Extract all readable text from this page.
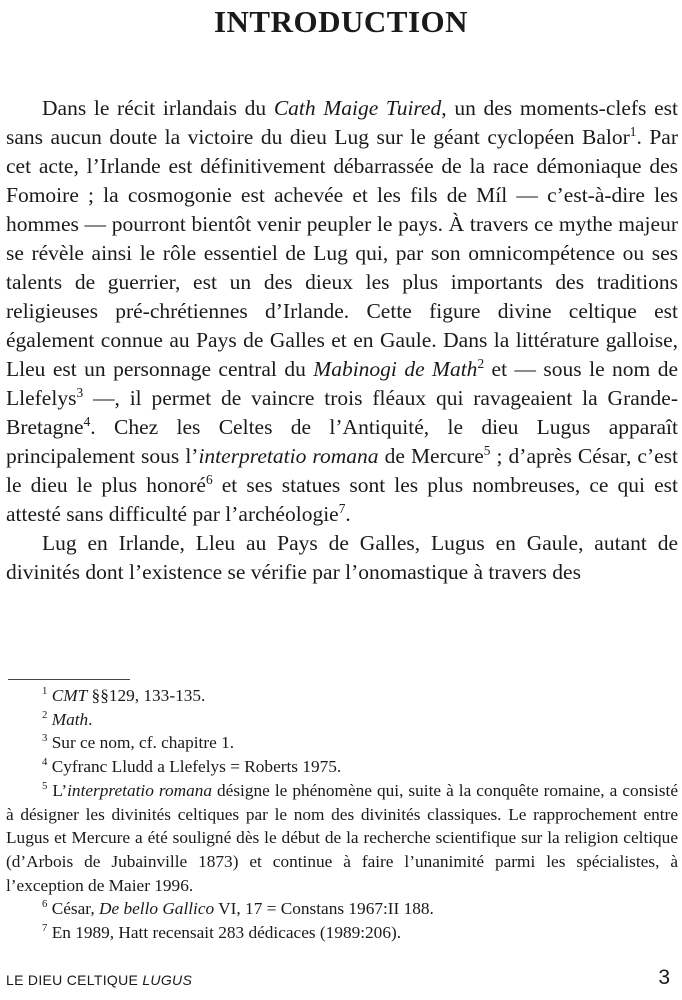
INTRODUCTION

Dans le récit irlandais du Cath Maige Tuired, un des moments-clefs est sans aucun doute la victoire du dieu Lug sur le géant cyclopéen Balor$^1$. Par cet acte, l’Irlande est définitivement débarrassée de la race démoniaque des Fomoire ; la cosmogonie est achevée et les fils de Míl — c’est-à-dire les hommes — pourront bientôt venir peupler le pays. À travers ce mythe majeur se révèle ainsi le rôle essentiel de Lug qui, par son omnicompétence ou ses talents de guerrier, est un des dieux les plus importants des traditions religieuses pré-chrétiennes d’Irlande. Cette figure divine celtique est également connue au Pays de Galles et en Gaule. Dans la littérature galloise, Lleu est un personnage central du Mabinogi de Math$^2$ et — sous le nom de Llefelys$^3$ —, il permet de vaincre trois fléaux qui ravageaient la Grande-Bretagne$^4$. Chez les Celtes de l’Antiquité, le dieu Lugus apparaît principalement sous l’interpretatio romana de Mercure$^5$ ; d’après César, c’est le dieu le plus honoré$^6$ et ses statues sont les plus nombreuses, ce qui est attesté sans difficulté par l’archéologie$^7$.

Lug en Irlande, Lleu au Pays de Galles, Lugus en Gaule, autant de divinités dont l’existence se vérifie par l’onomastique à travers des

$^1$ CMT §§129, 133-135.

$^2$ Math.

$^3$ Sur ce nom, cf. chapitre 1.

$^4$ Cyfranc Lludd a Llefelys = Roberts 1975.

$^5$ L’interpretatio romana désigne le phénomène qui, suite à la conquête romaine, a consisté à désigner les divinités celtiques par le nom des divinités classiques. Le rapprochement entre Lugus et Mercure a été souligné dès le début de la recherche scientifique sur la religion celtique (d’Arbois de Jubainville 1873) et continue à faire l’unanimité parmi les spécialistes, à l’exception de Maier 1996.

$^6$ César, De bello Gallico VI, 17 = Constans 1967:II 188.

$^7$ En 1989, Hatt recensait 283 dédicaces (1989:206).

LE DIEU CELTIQUE LUGUS	3
